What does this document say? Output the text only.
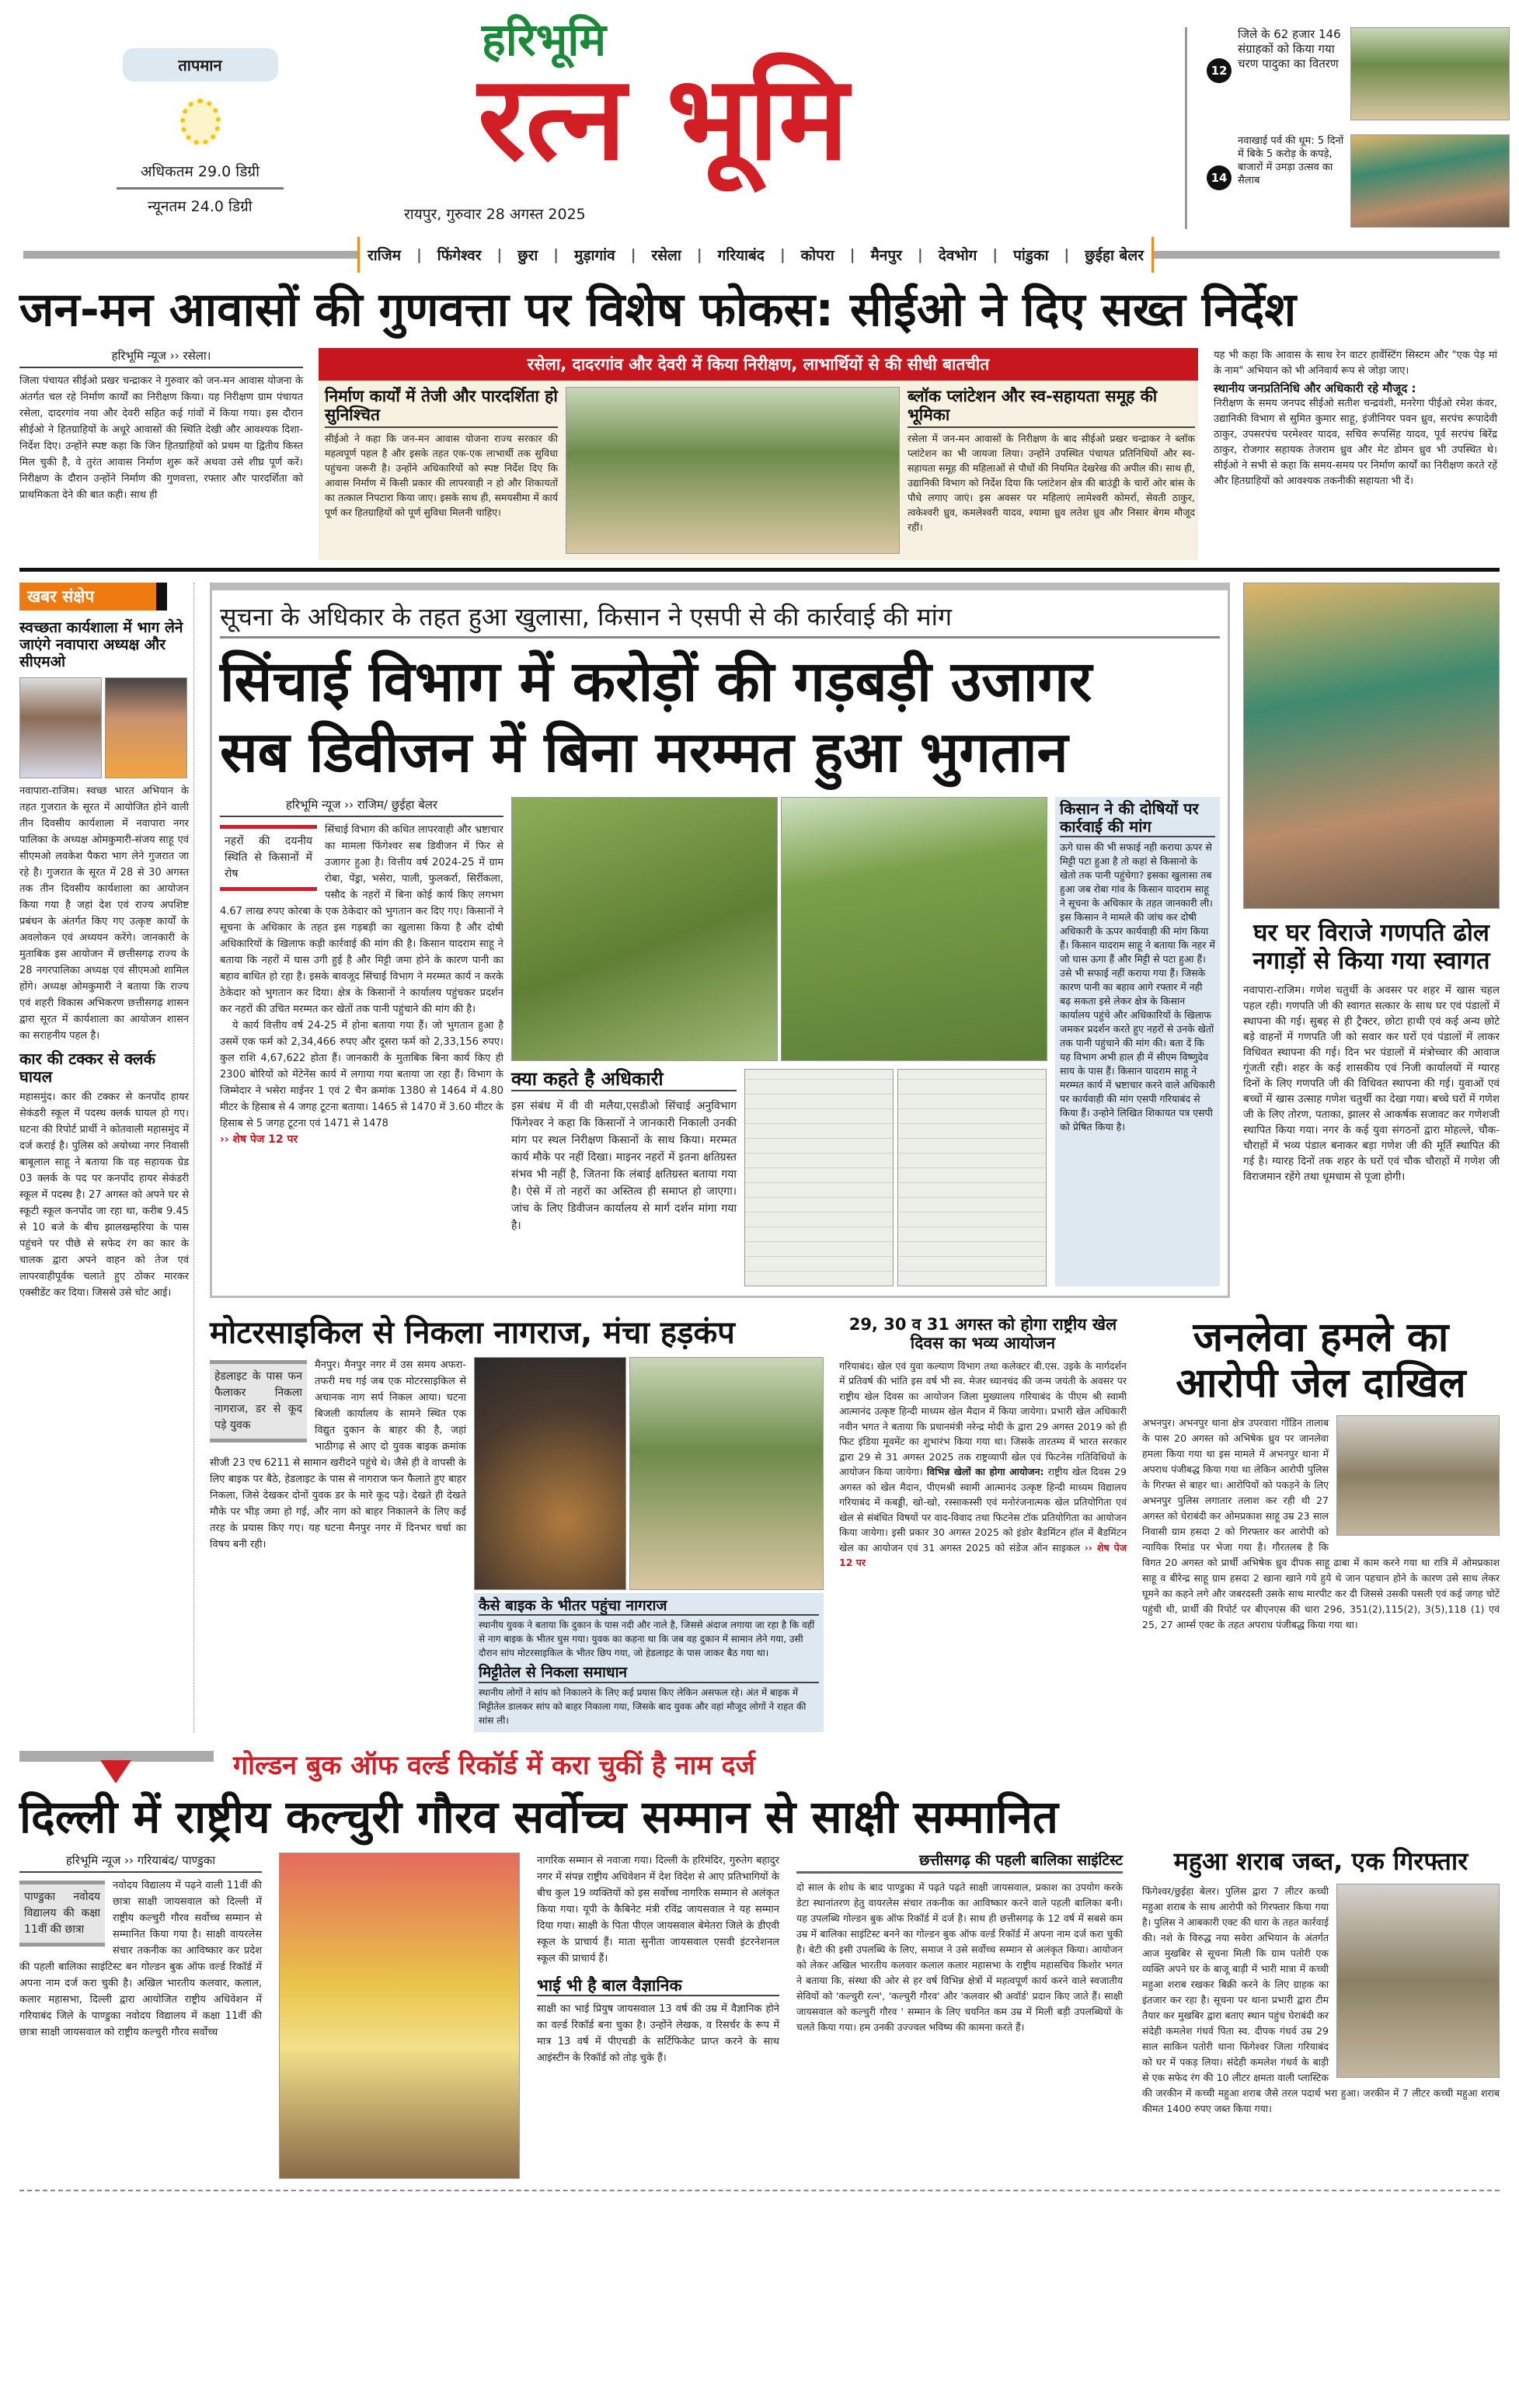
तापमान
अधिकतम 29.0 डिग्री
न्यूनतम 24.0 डिग्री
हरिभूमि
रत्न भूमि
रायपुर, गुरुवार 28 अगस्त 2025
12
जिले के 62 हजार 146 संग्राहकों को किया गया चरण पादुका का वितरण
14
नवाखाई पर्व की धूम: 5 दिनों में बिके 5 करोड़ के कपड़े, बाजारों में उमड़ा उत्सव का सैलाब
राजिम | फिंगेश्वर | छुरा | मुड़ागांव | रसेला | गरियाबंद | कोपरा | मैनपुर | देवभोग | पांडुका | छुईहा बेलर
जन-मन आवासों की गुणवत्ता पर विशेष फोकस: सीईओ ने दिए सख्त निर्देश
हरिभूमि न्यूज ›› रसेला।
जिला पंचायत सीईओ प्रखर चन्द्राकर ने गुरुवार को जन-मन आवास योजना के अंतर्गत चल रहे निर्माण कार्यों का निरीक्षण किया। यह निरीक्षण ग्राम पंचायत रसेला, दादरगांव नया और देवरी सहित कई गांवों में किया गया। इस दौरान सीईओ ने हितग्राहियों के अधूरे आवासों की स्थिति देखी और आवश्यक दिशा-निर्देश दिए। उन्होंने स्पष्ट कहा कि जिन हितग्राहियों को प्रथम या द्वितीय किस्त मिल चुकी है, वे तुरंत आवास निर्माण शुरू करें अथवा उसे शीघ्र पूर्ण करें। निरीक्षण के दौरान उन्होंने निर्माण की गुणवत्ता, रफ्तार और पारदर्शिता को प्राथमिकता देने की बात कही। साथ ही
रसेला, दादरगांव और देवरी में किया निरीक्षण, लाभार्थियों से की सीधी बातचीत
निर्माण कार्यों में तेजी और पारदर्शिता हो सुनिश्चित
सीईओ ने कहा कि जन-मन आवास योजना राज्य सरकार की महत्वपूर्ण पहल है और इसके तहत एक-एक लाभार्थी तक सुविधा पहुंचना जरूरी है। उन्होंने अधिकारियों को स्पष्ट निर्देश दिए कि आवास निर्माण में किसी प्रकार की लापरवाही न हो और शिकायतों का तत्काल निपटारा किया जाए। इसके साथ ही, समयसीमा में कार्य पूर्ण कर हितग्राहियों को पूर्ण सुविधा मिलनी चाहिए।
ब्लॉक प्लांटेशन और स्व-सहायता समूह की भूमिका
रसेला में जन-मन आवासों के निरीक्षण के बाद सीईओ प्रखर चन्द्राकर ने ब्लॉक प्लांटेशन का भी जायजा लिया। उन्होंने उपस्थित पंचायत प्रतिनिधियों और स्व-सहायता समूह की महिलाओं से पौधों की नियमित देखरेख की अपील की। साथ ही, उद्यानिकी विभाग को निर्देश दिया कि प्लांटेशन क्षेत्र की बाउंड्री के चारों ओर बांस के पौधे लगाए जाएं। इस अवसर पर महिलाएं लामेश्वरी कोमर्रा, सेवती ठाकुर, त्वकेश्वरी ध्रुव, कमलेश्वरी यादव, श्यामा ध्रुव लतेश ध्रुव और निसार बेगम मौजूद रहीं।
यह भी कहा कि आवास के साथ रेन वाटर हार्वेस्टिंग सिस्टम और "एक पेड़ मां के नाम" अभियान को भी अनिवार्य रूप से जोड़ा जाए।
स्थानीय जनप्रतिनिधि और अधिकारी रहे मौजूद :
निरीक्षण के समय जनपद सीईओ सतीश चन्द्रवंशी, मनरेगा पीईओ रमेश कंवर, उद्यानिकी विभाग से सुमित कुमार साहू, इंजीनियर पवन ध्रुव, सरपंच रूपादेवी ठाकुर, उपसरपंच परमेश्वर यादव, सचिव रूपसिंह यादव, पूर्व सरपंच बिरेंद्र ठाकुर, रोजगार सहायक तेजराम ध्रुव और मेट डोमन ध्रुव भी उपस्थित थे। सीईओ ने सभी से कहा कि समय-समय पर निर्माण कार्यों का निरीक्षण करते रहें और हितग्राहियों को आवश्यक तकनीकी सहायता भी दें।
खबर संक्षेप
स्वच्छता कार्यशाला में भाग लेने जाएंगे नवापारा अध्यक्ष और सीएमओ
नवापारा-राजिम। स्वच्छ भारत अभियान के तहत गुजरात के सूरत में आयोजित होने वाली तीन दिवसीय कार्यशाला में नवापारा नगर पालिका के अध्यक्ष ओमकुमारी-संजय साहू एवं सीएमओ लवकेश पैकरा भाग लेने गुजरात जा रहे है। गुजरात के सूरत में 28 से 30 अगस्त तक तीन दिवसीय कार्यशाला का आयोजन किया गया है जहां देश एवं राज्य अपशिष्ट प्रबंधन के अंतर्गत किए गए उत्कृष्ट कार्यों के अवलोकन एवं अध्ययन करेंगे। जानकारी के मुताबिक इस आयोजन में छत्तीसगढ़ राज्य के 28 नगरपालिका अध्यक्ष एवं सीएमओ शामिल होंगे। अध्यक्ष ओमकुमारी ने बताया कि राज्य एवं शहरी विकास अभिकरण छत्तीसगढ़ शासन द्वारा सूरत में कार्यशाला का आयोजन शासन का सराहनीय पहल है।
कार की टक्कर से क्लर्क घायल
महासमुंद। कार की टक्कर से कनपोंद हायर सेकंडरी स्कूल में पदस्थ क्लर्क घायल हो गए। घटना की रिपोर्ट प्रार्थी ने कोतवाली महासमुंद में दर्ज कराई है। पुलिस को अयोध्या नगर निवासी बाबूलाल साहू ने बताया कि वह सहायक ग्रेड 03 क्लर्क के पद पर कनपोंद हायर सेकंडरी स्कूल में पदस्थ है। 27 अगस्त को अपने घर से स्कूटी स्कूल कनपोंद जा रहा था, करीब 9.45 से 10 बजे के बीच झालखम्हरिया के पास पहुंचने पर पीछे से सफेद रंग का कार के चालक द्वारा अपने वाहन को तेज एवं लापरवाहीपूर्वक चलाते हुए ठोकर मारकर एक्सीडेंट कर दिया। जिससे उसे चोट आई।
सूचना के अधिकार के तहत हुआ खुलासा, किसान ने एसपी से की कार्रवाई की मांग
सिंचाई विभाग में करोड़ों की गड़बड़ी उजागर
सब डिवीजन में बिना मरम्मत हुआ भुगतान
हरिभूमि न्यूज ›› राजिम/ छुईहा बेलर
नहरों की दयनीय स्थिति से किसानों में रोष
सिंचाई विभाग की कथित लापरवाही और भ्रष्टाचार का मामला फिंगेश्वर सब डिवीजन में फिर से उजागर हुआ है। वित्तीय वर्ष 2024-25 में ग्राम रोबा, पेंड्रा, भसेरा, पाली, फुलकर्रा, सिर्रीकला, पसौद के नहरों में बिना कोई कार्य किए लगभग 4.67 लाख रुपए कोरबा के एक ठेकेदार को भुगतान कर दिए गए। किसानों ने सूचना के अधिकार के तहत इस गड़बड़ी का खुलासा किया है और दोषी अधिकारियों के खिलाफ कड़ी कार्रवाई की मांग की है। किसान यादराम साहू ने बताया कि नहरों में घास उगी हुई है और मिट्टी जमा होने के कारण पानी का बहाव बाधित हो रहा है। इसके बावजूद सिंचाई विभाग ने मरम्मत कार्य न करके ठेकेदार को भुगतान कर दिया। क्षेत्र के किसानों ने कार्यालय पहुंचकर प्रदर्शन कर नहरों की उचित मरम्मत कर खेतों तक पानी पहुंचाने की मांग की है।
ये कार्य वित्तीय वर्ष 24-25 में होना बताया गया हैं। जो भुगतान हुआ है उसमें एक फर्म को 2,34,466 रुपए और दूसरा फर्म को 2,33,156 रुपए। कुल राशि 4,67,622 होता हैं। जानकारी के मुताबिक बिना कार्य किए ही 2300 बोरियों को मेंटेनेंस कार्य में लगाया गया बताया जा रहा हैं। विभाग के जिम्मेदार ने भसेरा माईनर 1 एवं 2 चैन क्रमांक 1380 से 1464 में 4.80 मीटर के हिसाब से 4 जगह टूटना बताया। 1465 से 1470 में 3.60 मीटर के हिसाब से 5 जगह टूटना एवं 1471 से 1478
›› शेष पेज 12 पर
क्या कहते है अधिकारी
इस संबंध में वी वी मलैया,एसडीओ सिंचाई अनुविभाग फिंगेश्वर ने कहा कि किसानों ने जानकारी निकाली उनकी मांग पर स्थल निरीक्षण किसानों के साथ किया। मरम्मत कार्य मौके पर नहीं दिखा। माइनर नहरों में इतना क्षतिग्रस्त संभव भी नहीं है, जितना कि लंबाई क्षतिग्रस्त बताया गया है। ऐसे में तो नहरों का अस्तित्व ही समाप्त हो जाएगा। जांच के लिए डिवीजन कार्यालय से मार्ग दर्शन मांगा गया है।
किसान ने की दोषियों पर कार्रवाई की मांग
ऊगे घास की भी सफाई नही कराया ऊपर से मिट्टी पटा हुआ है तो कहां से किसानो के खेतो तक पानी पहुंचेगा? इसका खुलासा तब हुआ जब रोबा गांव के किसान यादराम साहू ने सूचना के अधिकार के तहत जानकारी ली। इस किसान ने मामले की जांच कर दोषी अधिकारी के ऊपर कार्यवाही की मांग किया हैं। किसान यादराम साहू ने बताया कि नहर में जो घास ऊगा हैं और मिट्टी से पटा हुआ हैं। उसे भी सफाई नहीं कराया गया हैं। जिसके कारण पानी का बहाव आगे रफ्तार में नही बढ़ सकता इसे लेकर क्षेत्र के किसान कार्यालय पहुंचे और अधिकारियों के खिलाफ जमकर प्रदर्शन करते हुए नहरों से उनके खेतों तक पानी पहुंचाने की मांग की। बता दें कि यह विभाग अभी हाल ही में सीएम विष्णुदेव साय के पास हैं। किसान यादराम साहू ने मरम्मत कार्य में भ्रष्टाचार करने वाले अधिकारी पर कार्यवाही की मांग एसपी गरियाबंद से किया हैं। उन्होने लिखित शिकायत पत्र एसपी को प्रेषित किया है।
घर घर विराजे गणपति ढोल नगाड़ों से किया गया स्वागत
नवापारा-राजिम। गणेश चतुर्थी के अवसर पर शहर में खास चहल पहल रही। गणपति जी की स्वागत सत्कार के साथ घर एवं पंडालों में स्थापना की गई। सुबह से ही ट्रैक्टर, छोटा हाथी एवं कई अन्य छोटे बड़े वाहनों में गणपति जी को सवार कर घरों एवं पंडालों में लाकर विधिवत स्थापना की गई। दिन भर पंडालों में मंत्रोच्चार की आवाज गूंजती रही। शहर के कई शासकीय एवं निजी कार्यालयों में ग्यारह दिनों के लिए गणपति जी की विधिवत स्थापना की गई। युवाओं एवं बच्चों में खास उत्साह गणेश चतुर्थी का देखा गया। बच्चे घरों में गणेश जी के लिए तोरण, पताका, झालर से आकर्षक सजावट कर गणेशजी स्थापित किया गया। नगर के कई युवा संगठनों द्वारा मोहल्ले, चौक-चौराहों में भव्य पंडाल बनाकर बड़ा गणेश जी की मूर्ति स्थापित की गई है। ग्यारह दिनों तक शहर के घरों एवं चौक चौराहों में गणेश जी विराजमान रहेंगे तथा धूमधाम से पूजा होगी।
मोटरसाइकिल से निकला नागराज, मंचा हड़कंप
हेडलाइट के पास फन फैलाकर निकला नागराज, डर से कूद पड़े युवक
मैनपुर। मैनपुर नगर में उस समय अफरा-तफरी मच गई जब एक मोटरसाइकिल से अचानक नाग सर्प निकल आया। घटना बिजली कार्यालय के सामने स्थित एक विद्युत दुकान के बाहर की है, जहां भाठीगढ़ से आए दो युवक बाइक क्रमांक सीजी 23 एच 6211 से सामान खरीदने पहुंचे थे। जैसे ही वे वापसी के लिए बाइक पर बैठे, हेडलाइट के पास से नागराज फन फैलाते हुए बाहर निकला, जिसे देखकर दोनों युवक डर के मारे कूद पड़े। देखते ही देखते मौके पर भीड़ जमा हो गई, और नाग को बाहर निकालने के लिए कई तरह के प्रयास किए गए। यह घटना मैनपुर नगर में दिनभर चर्चा का विषय बनी रही।
कैसे बाइक के भीतर पहुंचा नागराज
स्थानीय युवक ने बताया कि दुकान के पास नदी और नाले है, जिससे अंदाज लगाया जा रहा है कि वहीं से नाग बाइक के भीतर घुस गया। युवक का कहना था कि जब वह दुकान में सामान लेने गया, उसी दौरान सांप मोटरसाइकिल के भीतर छिप गया, जो हेडलाइट के पास जाकर बैठ गया था।
मिट्टीतेल से निकला समाधान
स्थानीय लोगों ने सांप को निकालने के लिए कई प्रयास किए लेकिन असफल रहे। अंत में बाइक में मिट्टीतेल डालकर सांप को बाहर निकाला गया, जिसके बाद युवक और वहां मौजूद लोगों ने राहत की सांस ली।
29, 30 व 31 अगस्त को होगा राष्ट्रीय खेल दिवस का भव्य आयोजन
गरियाबंद। खेल एवं युवा कल्याण विभाग तथा कलेक्टर बी.एस. उइके के मार्गदर्शन में प्रतिवर्ष की भांति इस वर्ष भी स्व. मेजर ध्यानचंद की जन्म जयंती के अवसर पर राष्ट्रीय खेल दिवस का आयोजन जिला मुख्यालय गरियाबंद के पीएम श्री स्वामी आत्मानंद उत्कृष्ट हिन्दी माध्यम खेल मैदान में किया जायेगा। प्रभारी खेल अधिकारी नवीन भगत ने बताया कि प्रधानमंत्री नरेन्द्र मोदी के द्वारा 29 अगस्त 2019 को ही फिट इंडिया मूवमेंट का शुभारंभ किया गया था। जिसके तारतम्य में भारत सरकार द्वारा 29 से 31 अगस्त 2025 तक राष्ट्रव्यापी खेल एवं फिटनेस गतिविधियों के आयोजन किया जायेगा। विभिन्न खेलों का होगा आयोजन: राष्ट्रीय खेल दिवस 29 अगस्त को खेल मैदान, पीएमश्री स्वामी आत्मानंद उत्कृष्ट हिन्दी माध्यम विद्यालय गरियाबंद में कबड्डी, खो-खो, रस्साकस्सी एवं मनोरंजनात्मक खेल प्रतियोगिता एवं खेल से संबंधित विषयों पर वाद-विवाद तथा फिटनेस टॉक प्रतियोगिता का आयोजन किया जायेगा। इसी प्रकार 30 अगस्त 2025 को इंडोर बैडमिंटन हॉल में बैडमिंटन खेल का आयोजन एवं 31 अगस्त 2025 को संडेज ऑन साइकल ›› शेष पेज 12 पर
जनलेवा हमले का आरोपी जेल दाखिल
अभनपुर। अभनपुर थाना क्षेत्र उपरवारा गोंडिन तालाब के पास 20 अगस्त को अभिषेक ध्रुव पर जानलेवा हमला किया गया था इस मामले में अभनपुर थाना में अपराध पंजीबद्ध किया गया था लेकिन आरोपी पुलिस के गिरफ्त से बाहर था। आरोपियों को पकड़ने के लिए अभनपुर पुलिस लगातार तलाश कर रही थी 27 अगस्त को घेराबंदी कर ओमप्रकाश साहू उम्र 23 साल निवासी ग्राम हसदा 2 को गिरफ्तार कर आरोपी को न्यायिक रिमांड पर भेजा गया है। गौरतलब है कि विगत 20 अगस्त को प्रार्थी अभिषेक ध्रुव दीपक साहू ढाबा में काम करने गया था रात्रि में ओमप्रकाश साहू व बीरेन्द्र साहू ग्राम हसदा 2 खाना खाने गये हुये थे जान पहचान होने के कारण उसे साथ लेकर घूमने का कहने लगे और जबरदस्ती उसके साथ मारपीट कर दी जिससे उसकी पसली एवं कई जगह चोटें पहुंची थी, प्रार्थी की रिपोर्ट पर बीएनएस की धारा 296, 351(2),115(2), 3(5),118 (1) एवं 25, 27 आर्म्स एक्ट के तहत अपराध पंजीबद्ध किया गया था।
गोल्डन बुक ऑफ वर्ल्ड रिकॉर्ड में करा चुकीं है नाम दर्ज
दिल्ली में राष्ट्रीय कल्चुरी गौरव सर्वोच्च सम्मान से साक्षी सम्मानित
हरिभूमि न्यूज ›› गरियाबंद/ पाण्डुका
पाण्डुका नवोदय विद्यालय की कक्षा 11वीं की छात्रा
नवोदय विद्यालय में पढ़ने वाली 11वीं की छात्रा साक्षी जायसवाल को दिल्ली में राष्ट्रीय कल्चुरी गौरव सर्वोच्च सम्मान से सम्मानित किया गया है। साक्षी वायरलेस संचार तकनीक का आविष्कार कर प्रदेश की पहली बालिका साइंटिस्ट बन गोल्डन बुक ऑफ वर्ल्ड रिकॉर्ड में अपना नाम दर्ज करा चुकी है। अखिल भारतीय कलवार, कलाल, कलार महासभा, दिल्ली द्वारा आयोजित राष्ट्रीय अधिवेशन में गरियाबंद जिले के पाण्डुका नवोदय विद्यालय में कक्षा 11वीं की छात्रा साक्षी जायसवाल को राष्ट्रीय कल्चुरी गौरव सर्वोच्च
नागरिक सम्मान से नवाजा गया। दिल्ली के हरिमंदिर, गुरुतेग बहादुर नगर में संपन्न राष्ट्रीय अधिवेशन में देश विदेश से आए प्रतिभागियों के बीच कुल 19 व्यक्तियों को इस सर्वोच्च नागरिक सम्मान से अलंकृत किया गया। यूपी के कैबिनेट मंत्री रविंद्र जायसवाल ने यह सम्मान दिया गया। साक्षी के पिता पीएल जायसवाल बेमेतरा जिले के डीएवी स्कूल के प्राचार्य हैं। माता सुनीता जायसवाल एसवी इंटरनेशनल स्कूल की प्राचार्य हैं।
भाई भी है बाल वैज्ञानिक
साक्षी का भाई प्रियुष जायसवाल 13 वर्ष की उम्र में वैज्ञानिक होने का वर्ल्ड रिकॉर्ड बना चुका है। उन्होंने लेखक, व रिसर्चर के रूप में मात्र 13 वर्ष में पीएचडी के सर्टिफिकेट प्राप्त करने के साथ आइंस्टीन के रिकॉर्ड को तोड़ चुके हैं।
छत्तीसगढ़ की पहली बालिका साइंटिस्ट
दो साल के शोध के बाद पाण्डुका में पढ़ते पढ़ते साक्षी जायसवाल, प्रकाश का उपयोग करके डेटा स्थानांतरण हेतु वायरलेस संचार तकनीक का आविष्कार करने वाले पहली बालिका बनी। यह उपलब्धि गोल्डन बुक ऑफ रिकॉर्ड में दर्ज है। साथ ही छत्तीसगढ़ के 12 वर्ष में सबसे कम उम्र में बालिका साइंटिस्ट बनने का गोल्डन बुक ऑफ वर्ल्ड रिकॉर्ड में अपना नाम दर्ज करा चुकी है। बेटी की इसी उपलब्धि के लिए, समाज ने उसे सर्वोच्च सम्मान से अलंकृत किया। आयोजन को लेकर अखिल भारतीय कलवार कलाल कलार महासभा के राष्ट्रीय महासचिव किशोर भगत ने बताया कि, संस्था की ओर से हर वर्ष विभिन्न क्षेत्रों में महत्वपूर्ण कार्य करने वाले स्वजातीय सेवियों को 'कल्चुरी रत्न', 'कल्चुरी गौरव' और 'कलवार श्री अवॉर्ड' प्रदान किए जाते हैं। साक्षी जायसवाल को कल्चुरी गौरव ' सम्मान के लिए चयनित कम उम्र में मिली बड़ी उपलब्धियों के चलते किया गया। हम उनकी उज्ज्वल भविष्य की कामना करते हैं।
महुआ शराब जब्त, एक गिरफ्तार
फिंगेश्वर/छुईहा बेलर। पुलिस द्वारा 7 लीटर कच्ची महुआ शराब के साथ आरोपी को गिरफ्तार किया गया है। पुलिस ने आबकारी एक्ट की धारा के तहत कार्रवाई की। नशे के विरुद्ध नया सवेरा अभियान के अंतर्गत आज मुखबिर से सूचना मिली कि ग्राम पतोरी एक व्यक्ति अपने घर के बाजू बाड़ी में भारी मात्रा में कच्ची महुआ शराब रखकर बिक्री करने के लिए ग्राहक का इंतजार कर रहा है। सूचना पर थाना प्रभारी द्वारा टीम तैयार कर मुखबिर द्वारा बताए स्थान पहुंच घेराबंदी कर संदेही कमलेश गंधर्व पिता स्व. दीपक गंधर्व उम्र 29 साल साकिन पतोरी थाना फिंगेश्वर जिला गरियाबंद को घर में पकड़ लिया। संदेही कमलेश गंधर्व के बाड़ी से एक सफेद रंग की 10 लीटर क्षमता वाली प्लास्टिक की जरकीन में कच्ची महुआ शराब जैसे तरल पदार्थ भरा हुआ। जरकीन में 7 लीटर कच्ची महुआ शराब कीमत 1400 रुपए जब्त किया गया।
